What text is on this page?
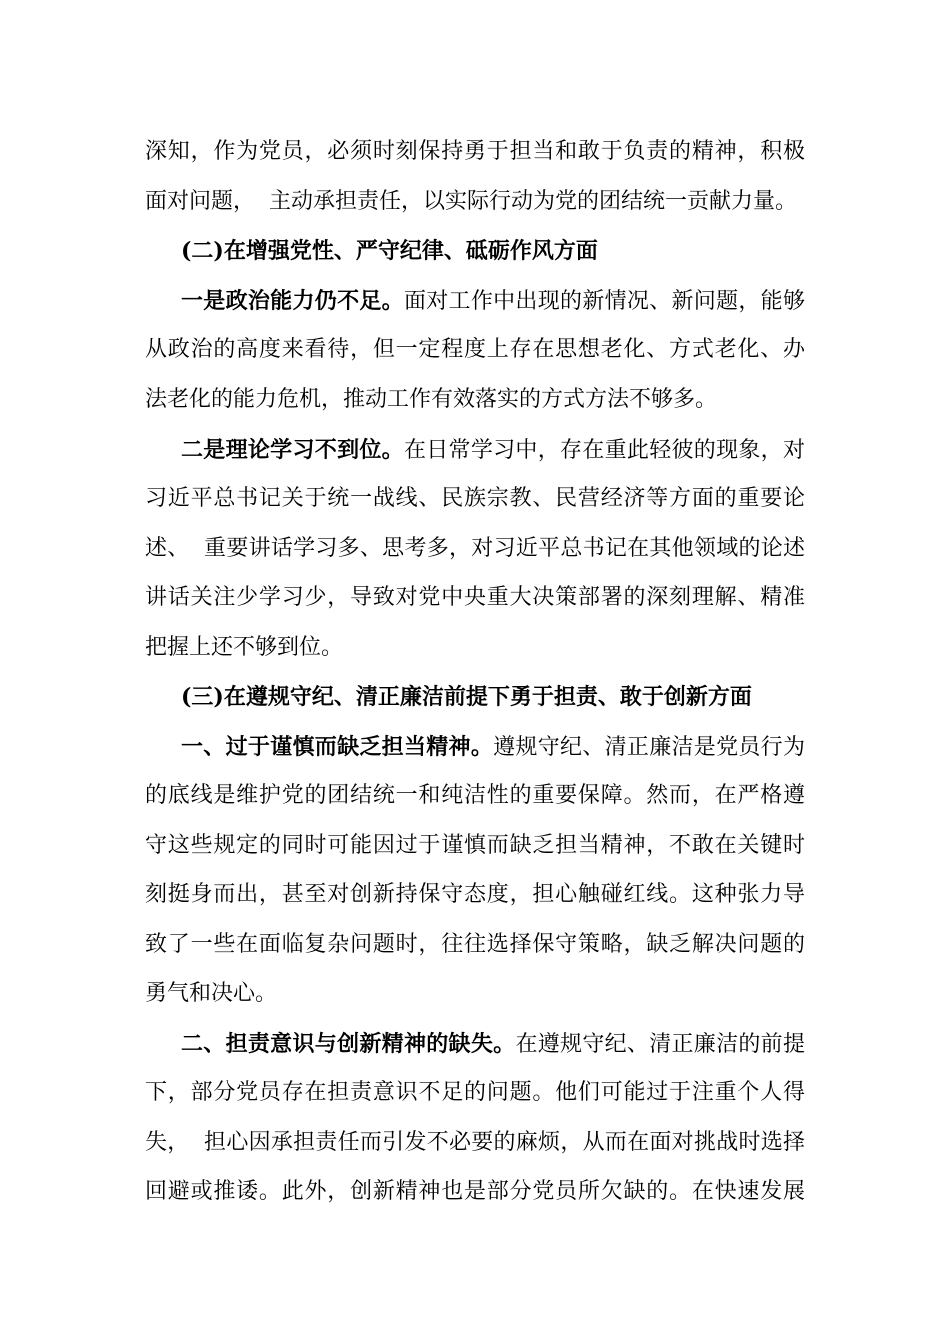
深知，作为党员，必须时刻保持勇于担当和敢于负责的精神，积极
面对问题，  主动承担责任，以实际行动为党的团结统一贡献力量。
(二)在增强党性、严守纪律、砥砺作风方面
一是政治能力仍不足。面对工作中出现的新情况、新问题，能够
从政治的高度来看待，但一定程度上存在思想老化、方式老化、办
法老化的能力危机，推动工作有效落实的方式方法不够多。
二是理论学习不到位。在日常学习中，存在重此轻彼的现象，对
习近平总书记关于统一战线、民族宗教、民营经济等方面的重要论
述、  重要讲话学习多、思考多，对习近平总书记在其他领域的论述
讲话关注少学习少，导致对党中央重大决策部署的深刻理解、精准
把握上还不够到位。
(三)在遵规守纪、清正廉洁前提下勇于担责、敢于创新方面
一、过于谨慎而缺乏担当精神。遵规守纪、清正廉洁是党员行为
的底线是维护党的团结统一和纯洁性的重要保障。然而，在严格遵
守这些规定的同时可能因过于谨慎而缺乏担当精神，不敢在关键时
刻挺身而出，甚至对创新持保守态度，担心触碰红线。这种张力导
致了一些在面临复杂问题时，往往选择保守策略，缺乏解决问题的
勇气和决心。
二、担责意识与创新精神的缺失。在遵规守纪、清正廉洁的前提
下，部分党员存在担责意识不足的问题。他们可能过于注重个人得
失，  担心因承担责任而引发不必要的麻烦，从而在面对挑战时选择
回避或推诿。此外，创新精神也是部分党员所欠缺的。在快速发展
